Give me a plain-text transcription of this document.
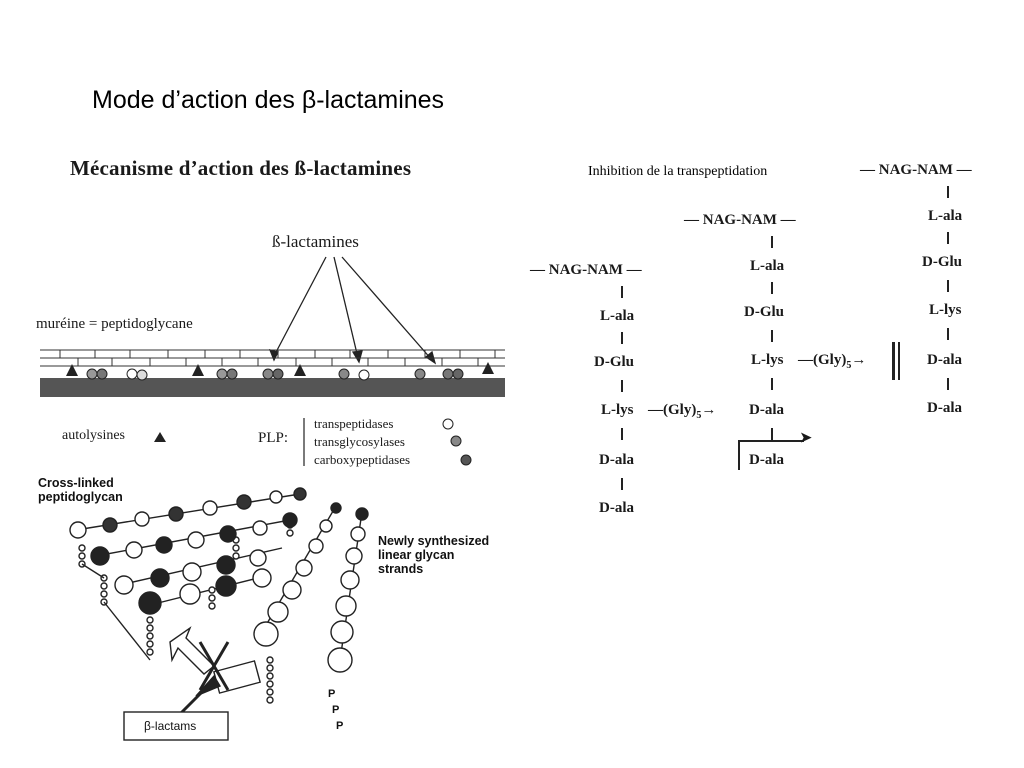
Mode d’action des β-lactamines
Mécanisme d’action des ß-lactamines
ß-lactamines
muréine = peptidoglycane
autolysines	PLP:
transpeptidases
transglycosylases
carboxypeptidases
Cross-linked
peptidoglycan
Newly synthesized
linear glycan
strands
β-lactams
P
P
P
Inhibition de la transpeptidation
— NAG-NAM —
— NAG-NAM —
— NAG-NAM —
L-ala
D-Glu
L-lys
D-ala
D-ala
$—(Gly)_5\to$
L-ala
D-Glu
L-lys
D-ala
D-ala
➤
$—(Gly)_5\to$
L-ala
D-Glu
L-lys
D-ala
D-ala
